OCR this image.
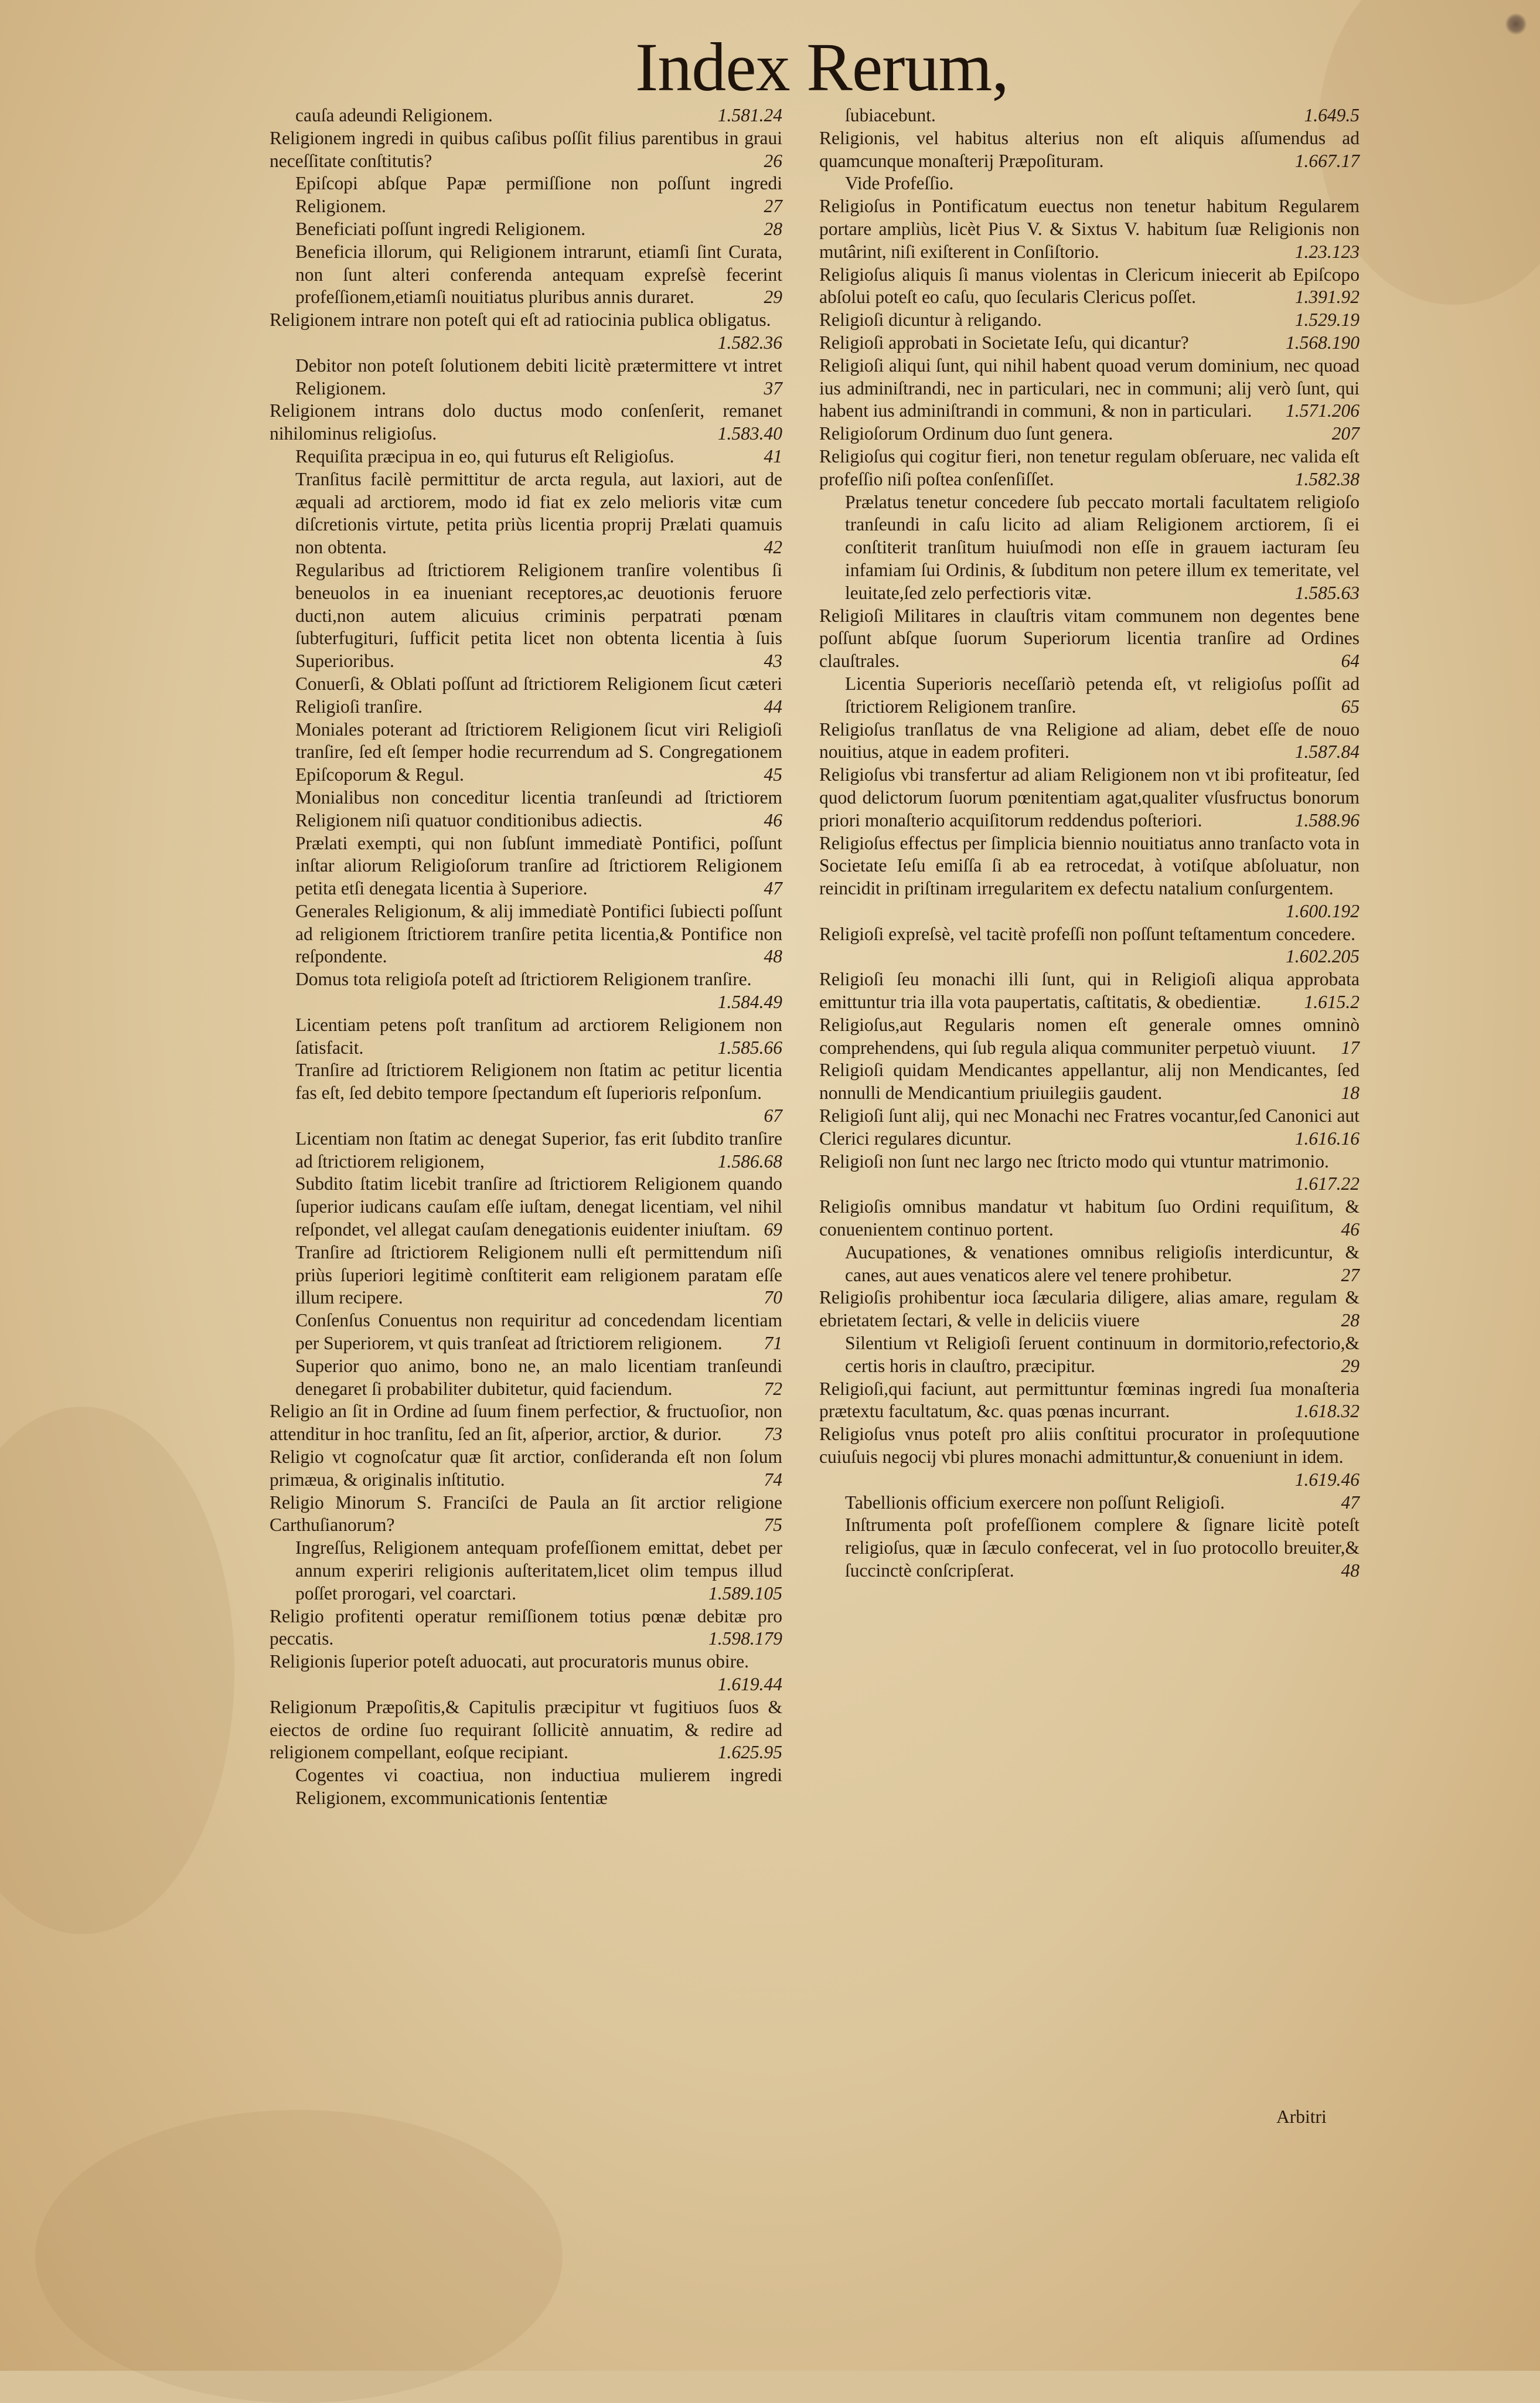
Index Rerum,

cauſa adeundi Religionem.	1.581.24

Religionem ingredi in quibus caſibus poſſit filius parentibus in graui neceſſitate conſtitutis?	26

Epiſcopi abſque Papæ permiſſione non poſſunt ingredi Religionem.	27

Beneficiati poſſunt ingredi Religionem.	28

Beneficia illorum, qui Religionem intrarunt, etiamſi ſint Curata, non ſunt alteri conferenda antequam expreſsè fecerint profeſſionem,etiamſi nouitiatus pluribus annis duraret.	29

Religionem intrare non poteſt qui eſt ad ratiocinia publica obligatus.
1.582.36

Debitor non poteſt ſolutionem debiti licitè prætermittere vt intret Religionem.	37

Religionem intrans dolo ductus modo conſenſerit, remanet nihilominus religioſus.	1.583.40

Requiſita præcipua in eo, qui futurus eſt Religioſus.	41

Tranſitus facilè permittitur de arcta regula, aut laxiori, aut de æquali ad arctiorem, modo id fiat ex zelo melioris vitæ cum diſcretionis virtute, petita priùs licentia proprij Prælati quamuis non obtenta.	42

Regularibus ad ſtrictiorem Religionem tranſire volentibus ſi beneuolos in ea inueniant receptores,ac deuotionis feruore ducti,non autem alicuius criminis perpatrati pœnam ſubterfugituri, ſufficit petita licet non obtenta licentia à ſuis Superioribus.	43

Conuerſi, & Oblati poſſunt ad ſtrictiorem Religionem ſicut cæteri Religioſi tranſire.	44

Moniales poterant ad ſtrictiorem Religionem ſicut viri Religioſi tranſire, ſed eſt ſemper hodie recurrendum ad S. Congregationem Epiſcoporum & Regul.	45

Monialibus non conceditur licentia tranſeundi ad ſtrictiorem Religionem niſi quatuor conditionibus adiectis.	46

Prælati exempti, qui non ſubſunt immediatè Pontifici, poſſunt inſtar aliorum Religioſorum tranſire ad ſtrictiorem Religionem petita etſi denegata licentia à Superiore.	47

Generales Religionum, & alij immediatè Pontifici ſubiecti poſſunt ad religionem ſtrictiorem tranſire petita licentia,& Pontifice non reſpondente.	48

Domus tota religioſa poteſt ad ſtrictiorem Religionem tranſire.
1.584.49

Licentiam petens poſt tranſitum ad arctiorem Religionem non ſatisfacit.	1.585.66

Tranſire ad ſtrictiorem Religionem non ſtatim ac petitur licentia fas eſt, ſed debito tempore ſpectandum eſt ſuperioris reſponſum.
67

Licentiam non ſtatim ac denegat Superior, fas erit ſubdito tranſire ad ſtrictiorem religionem,	1.586.68

Subdito ſtatim licebit tranſire ad ſtrictiorem Religionem quando ſuperior iudicans cauſam eſſe iuſtam, denegat licentiam, vel nihil reſpondet, vel allegat cauſam denegationis euidenter iniuſtam. 69

Tranſire ad ſtrictiorem Religionem nulli eſt permittendum niſi priùs ſuperiori legitimè conſtiterit eam religionem paratam eſſe illum recipere.	70

Conſenſus Conuentus non requiritur ad concedendam licentiam per Superiorem, vt quis tranſeat ad ſtrictiorem religionem.	71

Superior quo animo, bono ne, an malo licentiam tranſeundi denegaret ſi probabiliter dubitetur, quid faciendum.	72

Religio an ſit in Ordine ad ſuum finem perfectior, & fructuoſior, non attenditur in hoc tranſitu, ſed an ſit, aſperior, arctior, & durior.	73

Religio vt cognoſcatur quæ ſit arctior, conſideranda eſt non ſolum primæua, & originalis inſtitutio.	74

Religio Minorum S. Franciſci de Paula an ſit arctior religione Carthuſianorum?	75

Ingreſſus, Religionem antequam profeſſionem emittat, debet per annum experiri religionis auſteritatem,licet olim tempus illud poſſet prorogari, vel coarctari.	1.589.105

Religio profitenti operatur remiſſionem totius pœnæ debitæ pro peccatis.	1.598.179

Religionis ſuperior poteſt aduocati, aut procuratoris munus obire.
1.619.44

Religionum Præpoſitis,& Capitulis præcipitur vt fugitiuos ſuos & eiectos de ordine ſuo requirant ſollicitè annuatim, & redire ad religionem compellant, eoſque recipiant.	1.625.95

Cogentes vi coactiua, non inductiua mulierem ingredi Religionem, excommunicationis ſententiæ

ſubiacebunt.	1.649.5

Religionis, vel habitus alterius non eſt aliquis aſſumendus ad quamcunque monaſterij Præpoſituram.	1.667.17

Vide Profeſſio.

Religioſus in Pontificatum euectus non tenetur habitum Regularem portare ampliùs, licèt Pius V. & Sixtus V. habitum ſuæ Religionis non mutârint, niſi exiſterent in Conſiſtorio.	1.23.123

Religioſus aliquis ſi manus violentas in Clericum iniecerit ab Epiſcopo abſolui poteſt eo caſu, quo ſecularis Clericus poſſet.	1.391.92

Religioſi dicuntur à religando.	1.529.19

Religioſi approbati in Societate Ieſu, qui dicantur?	1.568.190

Religioſi aliqui ſunt, qui nihil habent quoad verum dominium, nec quoad ius adminiſtrandi, nec in particulari, nec in communi; alij verò ſunt, qui habent ius adminiſtrandi in communi, & non in particulari.	1.571.206

Religioſorum Ordinum duo ſunt genera.	207

Religioſus qui cogitur fieri, non tenetur regulam obſeruare, nec valida eſt profeſſio niſi poſtea conſenſiſſet.	1.582.38

Prælatus tenetur concedere ſub peccato mortali facultatem religioſo tranſeundi in caſu licito ad aliam Religionem arctiorem, ſi ei conſtiterit tranſitum huiuſmodi non eſſe in grauem iacturam ſeu infamiam ſui Ordinis, & ſubditum non petere illum ex temeritate, vel leuitate,ſed zelo perfectioris vitæ.	1.585.63

Religioſi Militares in clauſtris vitam communem non degentes bene poſſunt abſque ſuorum Superiorum licentia tranſire ad Ordines clauſtrales.	64

Licentia Superioris neceſſariò petenda eſt, vt religioſus poſſit ad ſtrictiorem Religionem tranſire.	65

Religioſus tranſlatus de vna Religione ad aliam, debet eſſe de nouo nouitius, atque in eadem profiteri.	1.587.84

Religioſus vbi transfertur ad aliam Religionem non vt ibi profiteatur, ſed quod delictorum ſuorum pœnitentiam agat,qualiter vſusfructus bonorum priori monaſterio acquiſitorum reddendus poſteriori.	1.588.96

Religioſus effectus per ſimplicia biennio nouitiatus anno tranſacto vota in Societate Ieſu emiſſa ſi ab ea retrocedat, à votiſque abſoluatur, non reincidit in priſtinam irregularitem ex defectu natalium conſurgentem.
1.600.192

Religioſi expreſsè, vel tacitè profeſſi non poſſunt teſtamentum concedere.
1.602.205

Religioſi ſeu monachi illi ſunt, qui in Religioſi aliqua approbata emittuntur tria illa vota paupertatis, caſtitatis, & obedientiæ.	1.615.2

Religioſus,aut Regularis nomen eſt generale omnes omninò comprehendens, qui ſub regula aliqua communiter perpetuò viuunt.	17

Religioſi quidam Mendicantes appellantur, alij non Mendicantes, ſed nonnulli de Mendicantium priuilegiis gaudent.	18

Religioſi ſunt alij, qui nec Monachi nec Fratres vocantur,ſed Canonici aut Clerici regulares dicuntur.	1.616.16

Religioſi non ſunt nec largo nec ſtricto modo qui vtuntur matrimonio.
1.617.22

Religioſis omnibus mandatur vt habitum ſuo Ordini requiſitum, & conuenientem continuo portent.	46

Aucupationes, & venationes omnibus religioſis interdicuntur, & canes, aut aues venaticos alere vel tenere prohibetur.	27

Religioſis prohibentur ioca ſæcularia diligere, alias amare, regulam & ebrietatem ſectari, & velle in deliciis viuere	28

Silentium vt Religioſi ſeruent continuum in dormitorio,refectorio,& certis horis in clauſtro, præcipitur.	29

Religioſi,qui faciunt, aut permittuntur fœminas ingredi ſua monaſteria prætextu facultatum, &c. quas pœnas incurrant.	1.618.32

Religioſus vnus poteſt pro aliis conſtitui procurator in proſequutione cuiuſuis negocij vbi plures monachi admittuntur,& conueniunt in idem.
1.619.46

Tabellionis officium exercere non poſſunt Religioſi.	47

Inſtrumenta poſt profeſſionem complere & ſignare licitè poteſt religioſus, quæ in ſæculo confecerat, vel in ſuo protocollo breuiter,& ſuccinctè conſcripſerat.	48

Arbitri
